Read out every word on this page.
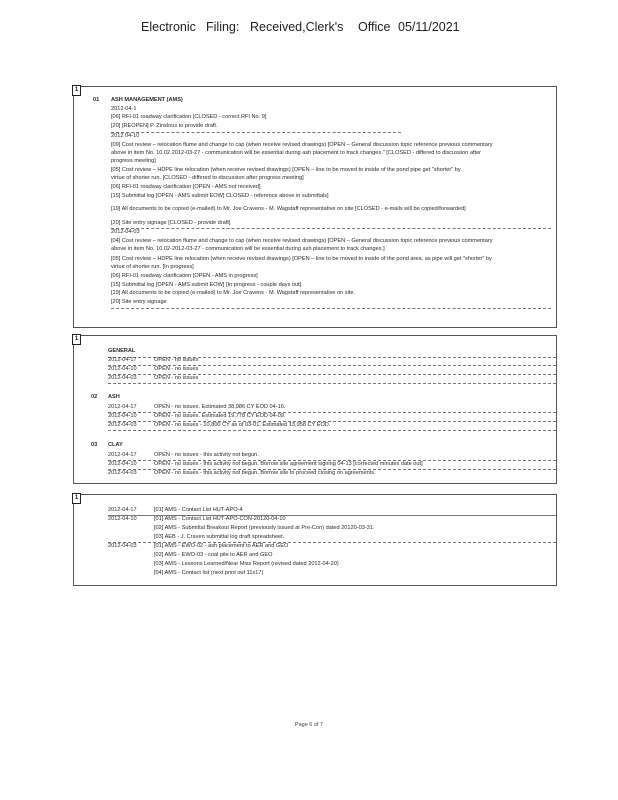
Electronic Filing: Received,Clerk's Office 05/11/2021
1
01 ASH MANAGEMENT (AMS)
2012-04-1
[06] RFI-01 roadway clarification [CLOSED - correct RFI No. 9]
[20] [REOPEN] P. Zinslous to provide draft.
2012 04-10
[09] Cost review – relocation flume and change to cap (when receive revised drawings) [OPEN – General discussion topic reference previous commentary
above in item No. 10.02 2012-03-27 - communication will be essential during ash placement to track changes." [CLOSED - differed to discussion after
progress meeting]
[05] Cost review – HDPE line relocation (when receive revised drawings) [OPEN – line to be moved to inside of the pond pipe get "shorter" by
virtue of shorter run. [CLOSED - differed to discussion after progress meeting]
[06] RFI-01 roadway clarification [OPEN - AMS not received]
[15] Submittal log [OPEN - AMS submit EOW] CLOSED - reference above in submittals]
[19] All documents to be copied (e-mailed) to Mr. Joe Cravens - M. Wagstaff representative on site [CLOSED - e-mails will be copied/forwarded]
[20] Site entry signage [CLOSED - provide draft]
2012-04-03
[04] Cost review – relocation flume and change to cap (when receive revised drawings) [OPEN – General discussion topic reference previous commentary
above in item No. 10.02-2012-03-27 - communication will be essential during ash placement to track changes.]
[05] Cost review – HDPE line relocation (when receive revised drawings) [OPEN – line to be moved to inside of the pond area, as pipe will get "shorter" by
virtue of shorter run. [In progress]
[06] RFI-01 roadway clarification [OPEN - AMS in progress]
[15] Submittal log [OPEN - AMS submit EOW] [In progress - couple days out]
[19] All documents to be copied (e-mailed) to Mr. Joe Cravens - M. Wagstaff representative on site.
[20] Site entry signage
1
GENERAL
2012-04-17	OPEN - no issues
2012-04-10	OPEN - no issues
2012-04-03	OPEN - no issues
02 ASH
2012-04-17	OPEN - no issues. Estimated 38,986 CY EOD 04-16.
2012-04-10	OPEN - no issues. Estimated 19,778 CY EOD 04-09.
2012-04-03	OPEN - no issues - 10,800 CY as of 03-01. Estimated 13,958 CY EOD.
03 CLAY
2012-04-17	OPEN - no issues - this activity not begun.
2012-04-10	OPEN - no issues - this activity not begun. Borrow site agreement signing 04-13 [corrected minutes date out]
2012-04-03	OPEN - no issues - this activity not begun. Borrow site to proceed closing on agreements.
1
2012-04-17	[01] AMS - Contact List HUT-APO-4
2012-04-10	[01] AMS - Contact List HUT-APO-CON-20120-04-10
[02] AMS - Submittal Breakout Report (previously issued at Pre-Con) dated 20120-03-31.
[03] AEB - J. Craven submittal log draft spreadsheet.
2012-04-03	[01] AMS - EWO-02 - ash placement to AER and GEO
[02] AMS - EWO-03 - coal pile to AER and GEO
[03] AMS - Lessons Learned/Near Miss Report (revised dated 2012-04-20)
[04] AMS - Contact list (next print out 11x17)
Page 6 of 7
